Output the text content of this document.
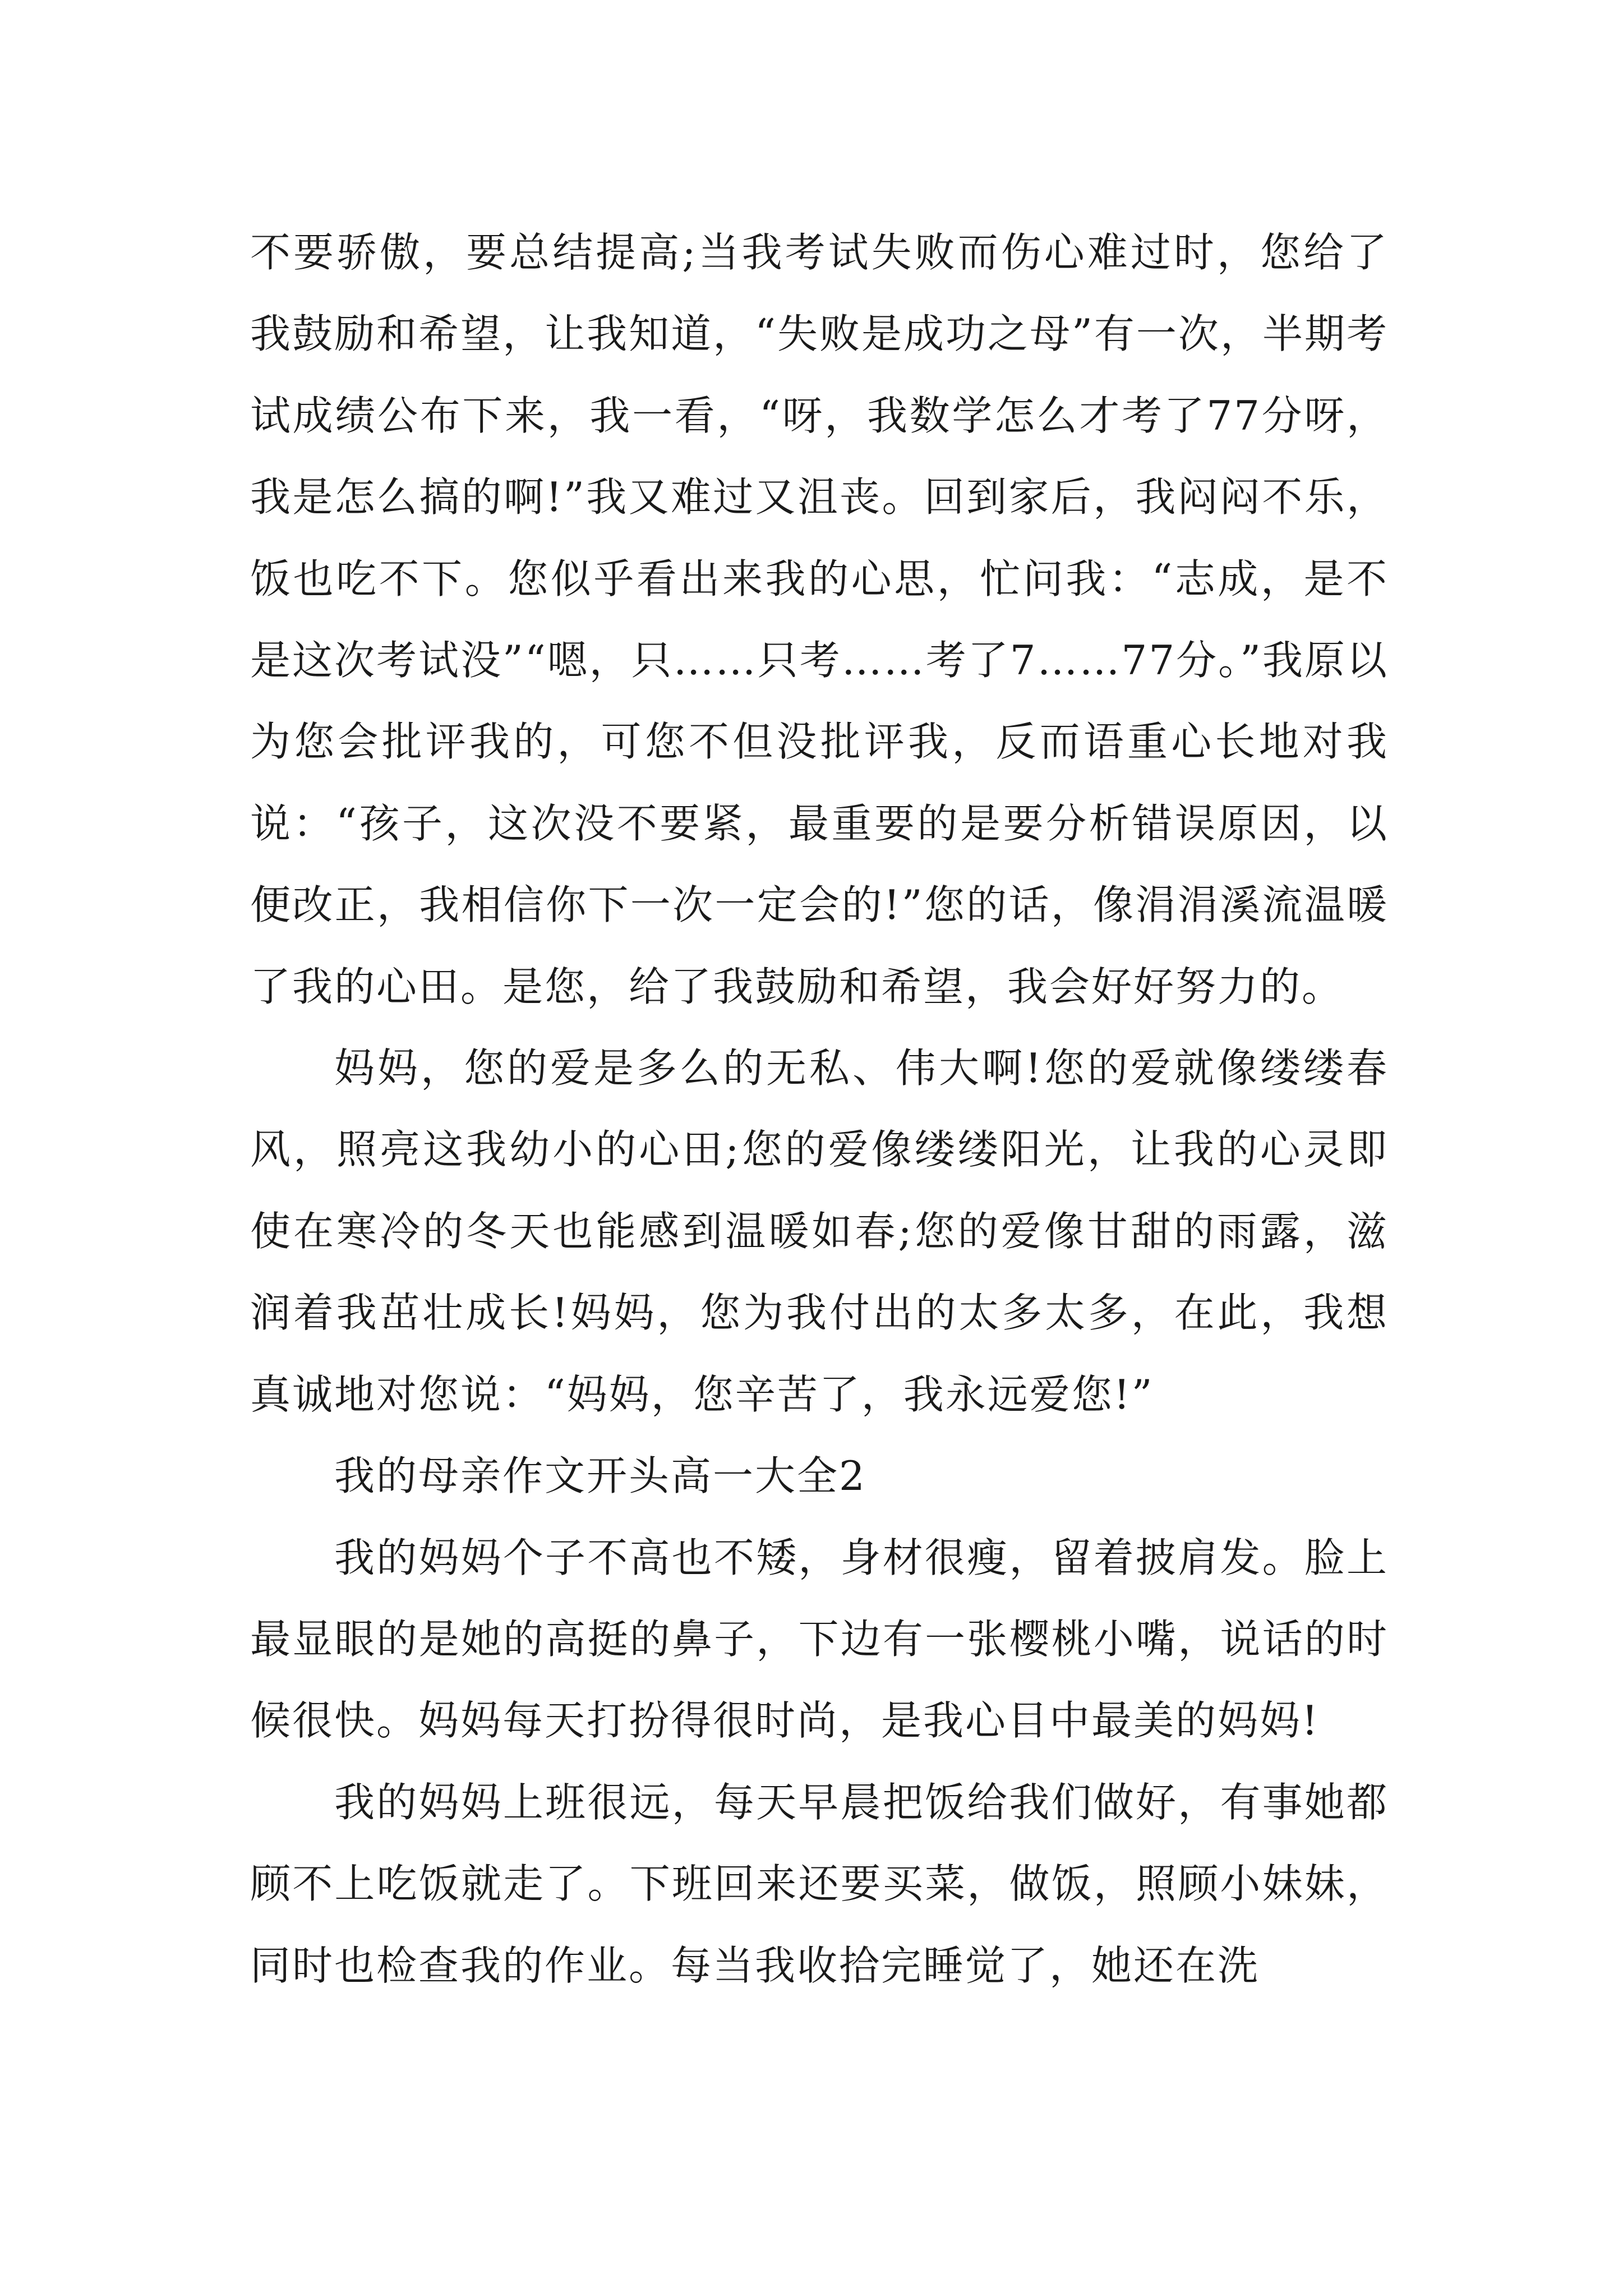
不要骄傲，要总结提高;当我考试失败而伤心难过时，您给了我鼓励和希望，让我知道，“失败是成功之母”有一次，半期考试成绩公布下来，我一看，“呀，我数学怎么才考了77分呀，我是怎么搞的啊!”我又难过又沮丧。回到家后，我闷闷不乐，饭也吃不下。您似乎看出来我的心思，忙问我：“志成，是不是这次考试没”“嗯，只……只考……考了7……77分。”我原以为您会批评我的，可您不但没批评我，反而语重心长地对我说：“孩子，这次没不要紧，最重要的是要分析错误原因，以便改正，我相信你下一次一定会的!”您的话，像涓涓溪流温暖了我的心田。是您，给了我鼓励和希望，我会好好努力的。

妈妈，您的爱是多么的无私、伟大啊!您的爱就像缕缕春风，照亮这我幼小的心田;您的爱像缕缕阳光，让我的心灵即使在寒冷的冬天也能感到温暖如春;您的爱像甘甜的雨露，滋润着我茁壮成长!妈妈，您为我付出的太多太多，在此，我想真诚地对您说：“妈妈，您辛苦了，我永远爱您!”

我的母亲作文开头高一大全2

我的妈妈个子不高也不矮，身材很瘦，留着披肩发。脸上最显眼的是她的高挺的鼻子，下边有一张樱桃小嘴，说话的时候很快。妈妈每天打扮得很时尚，是我心目中最美的妈妈!

我的妈妈上班很远，每天早晨把饭给我们做好，有事她都顾不上吃饭就走了。下班回来还要买菜，做饭，照顾小妹妹，同时也检查我的作业。每当我收拾完睡觉了，她还在洗
